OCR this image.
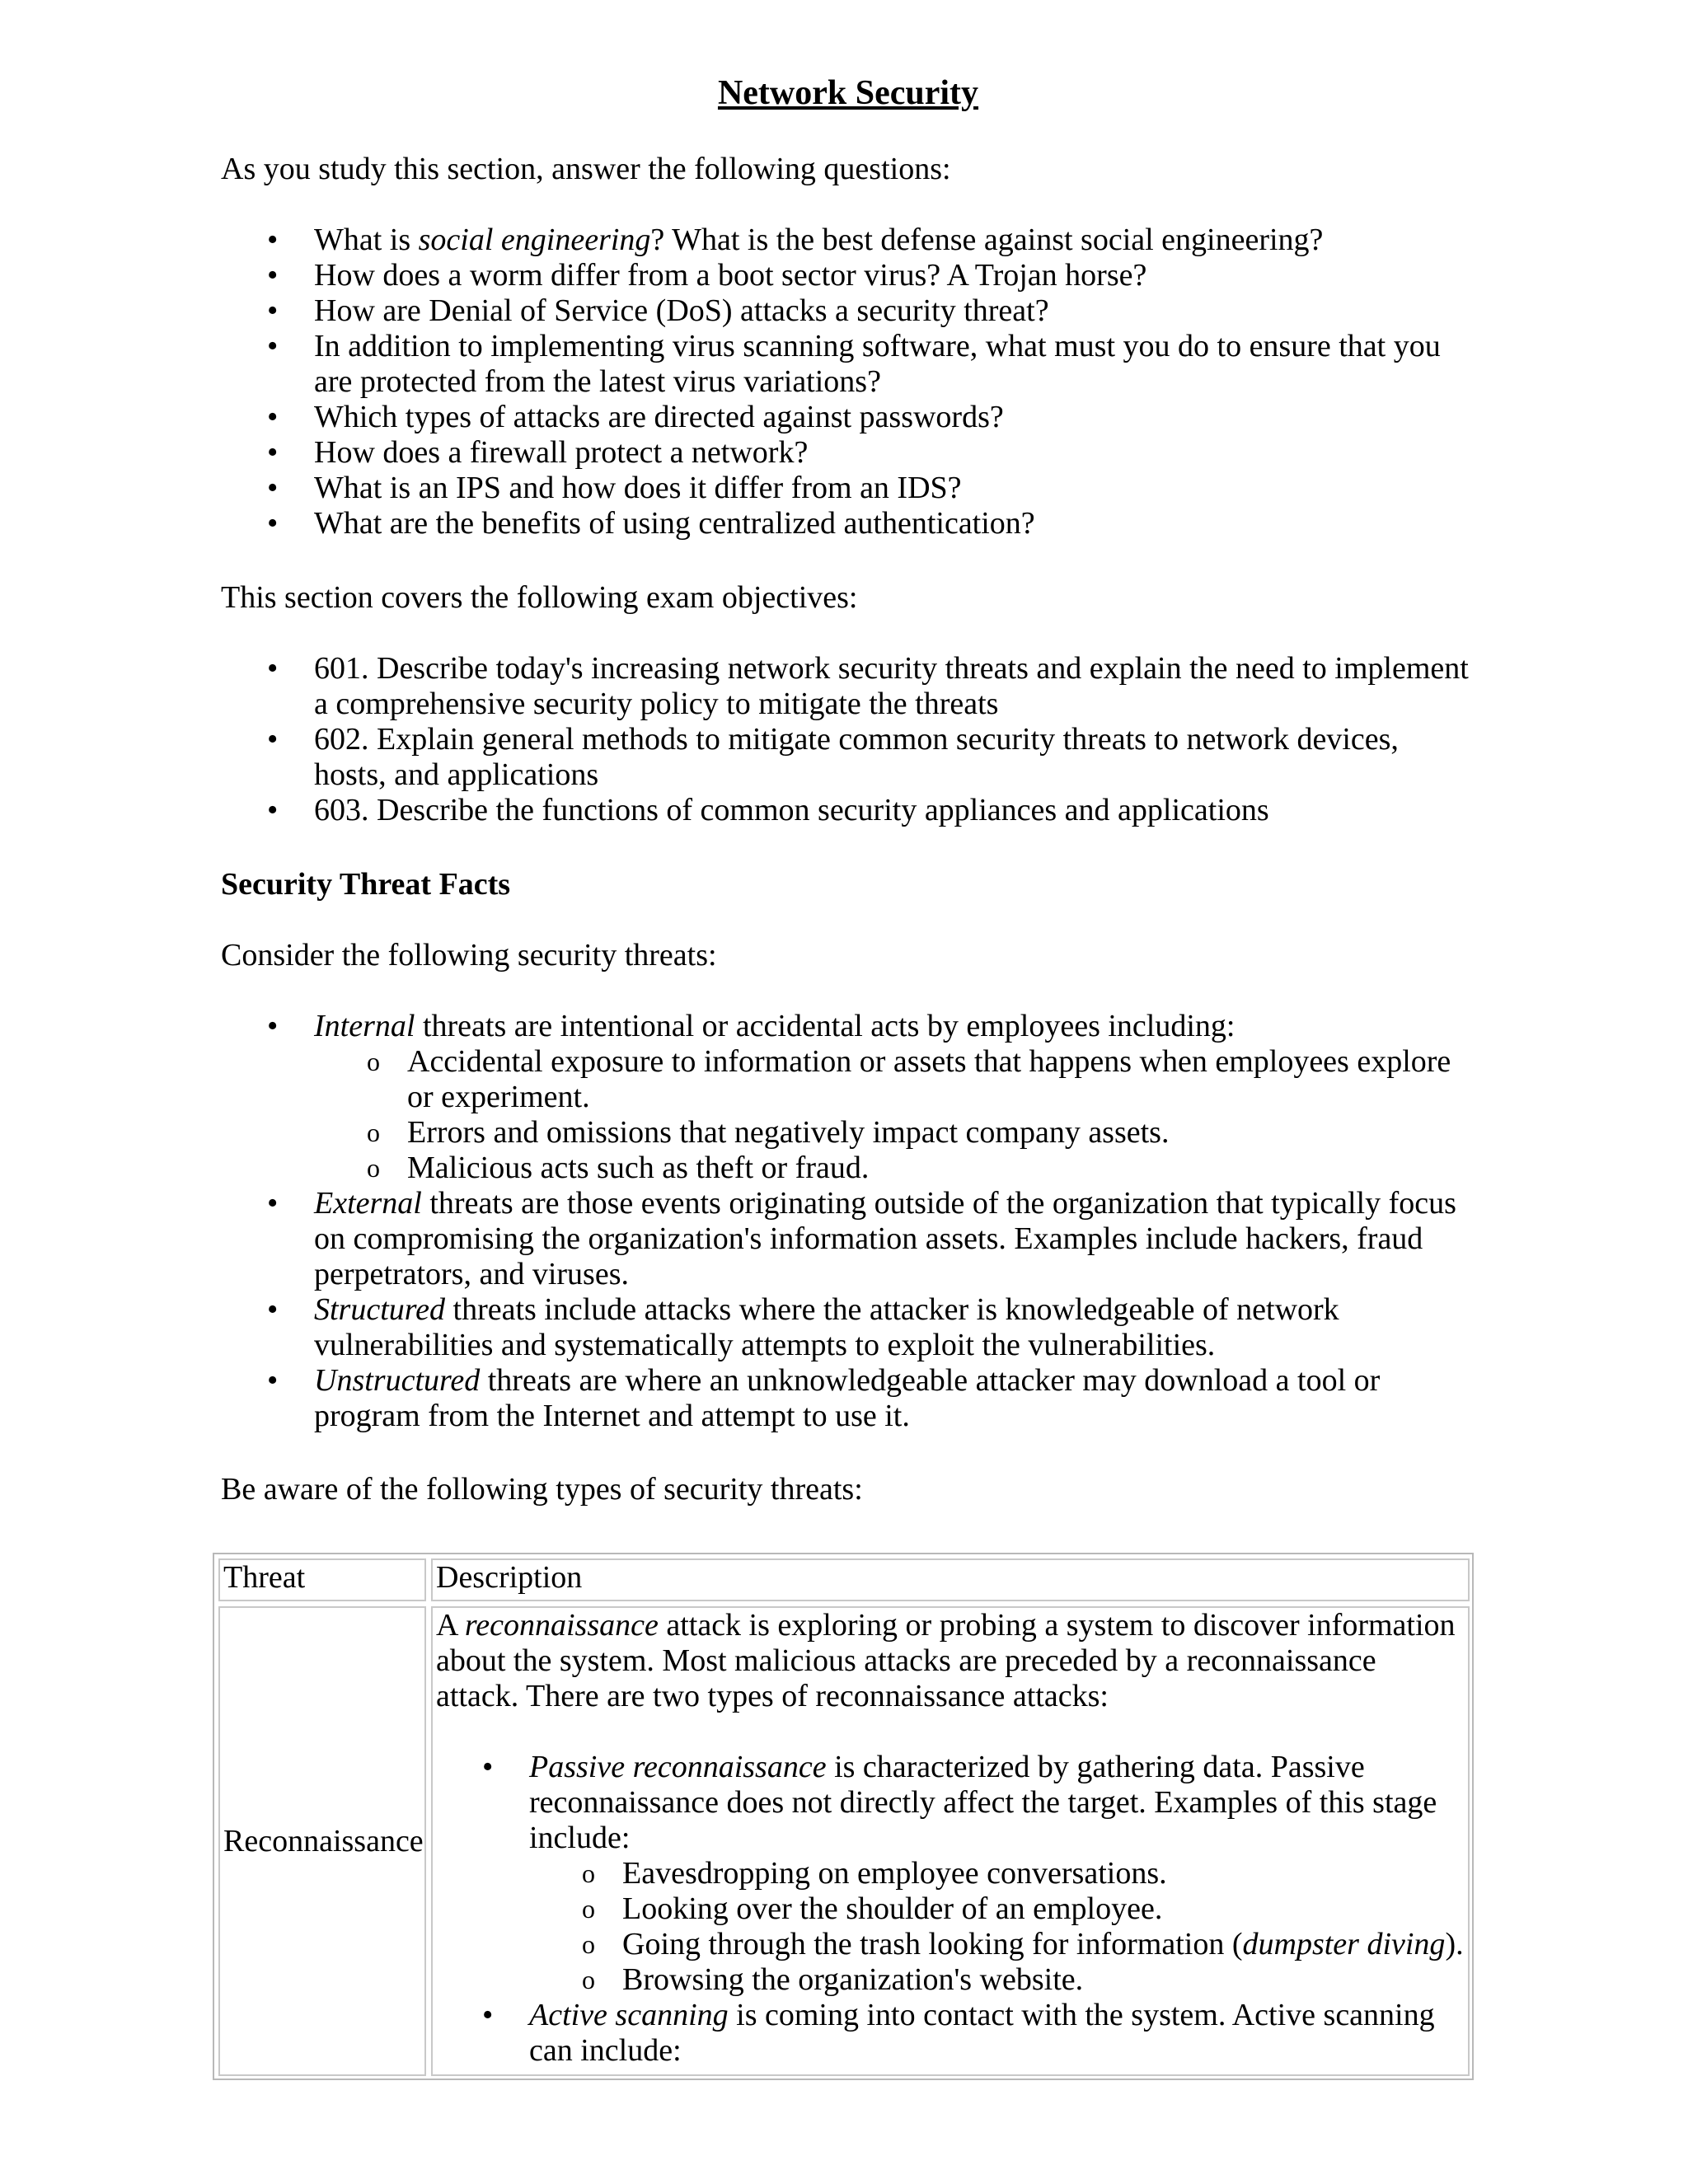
Network Security

As you study this section, answer the following questions:

• What is social engineering? What is the best defense against social engineering?
• How does a worm differ from a boot sector virus? A Trojan horse?
• How are Denial of Service (DoS) attacks a security threat?
• In addition to implementing virus scanning software, what must you do to ensure that you are protected from the latest virus variations?
• Which types of attacks are directed against passwords?
• How does a firewall protect a network?
• What is an IPS and how does it differ from an IDS?
• What are the benefits of using centralized authentication?

This section covers the following exam objectives:

• 601. Describe today's increasing network security threats and explain the need to implement a comprehensive security policy to mitigate the threats
• 602. Explain general methods to mitigate common security threats to network devices, hosts, and applications
• 603. Describe the functions of common security appliances and applications

Security Threat Facts

Consider the following security threats:

• Internal threats are intentional or accidental acts by employees including:
o Accidental exposure to information or assets that happens when employees explore or experiment.
o Errors and omissions that negatively impact company assets.
o Malicious acts such as theft or fraud.
• External threats are those events originating outside of the organization that typically focus on compromising the organization's information assets. Examples include hackers, fraud perpetrators, and viruses.
• Structured threats include attacks where the attacker is knowledgeable of network vulnerabilities and systematically attempts to exploit the vulnerabilities.
• Unstructured threats are where an unknowledgeable attacker may download a tool or program from the Internet and attempt to use it.

Be aware of the following types of security threats:

Threat	Description
Reconnaissance

A reconnaissance attack is exploring or probing a system to discover information about the system. Most malicious attacks are preceded by a reconnaissance attack. There are two types of reconnaissance attacks:

• Passive reconnaissance is characterized by gathering data. Passive reconnaissance does not directly affect the target. Examples of this stage include:
o Eavesdropping on employee conversations.
o Looking over the shoulder of an employee.
o Going through the trash looking for information (dumpster diving).
o Browsing the organization's website.
• Active scanning is coming into contact with the system. Active scanning can include:
